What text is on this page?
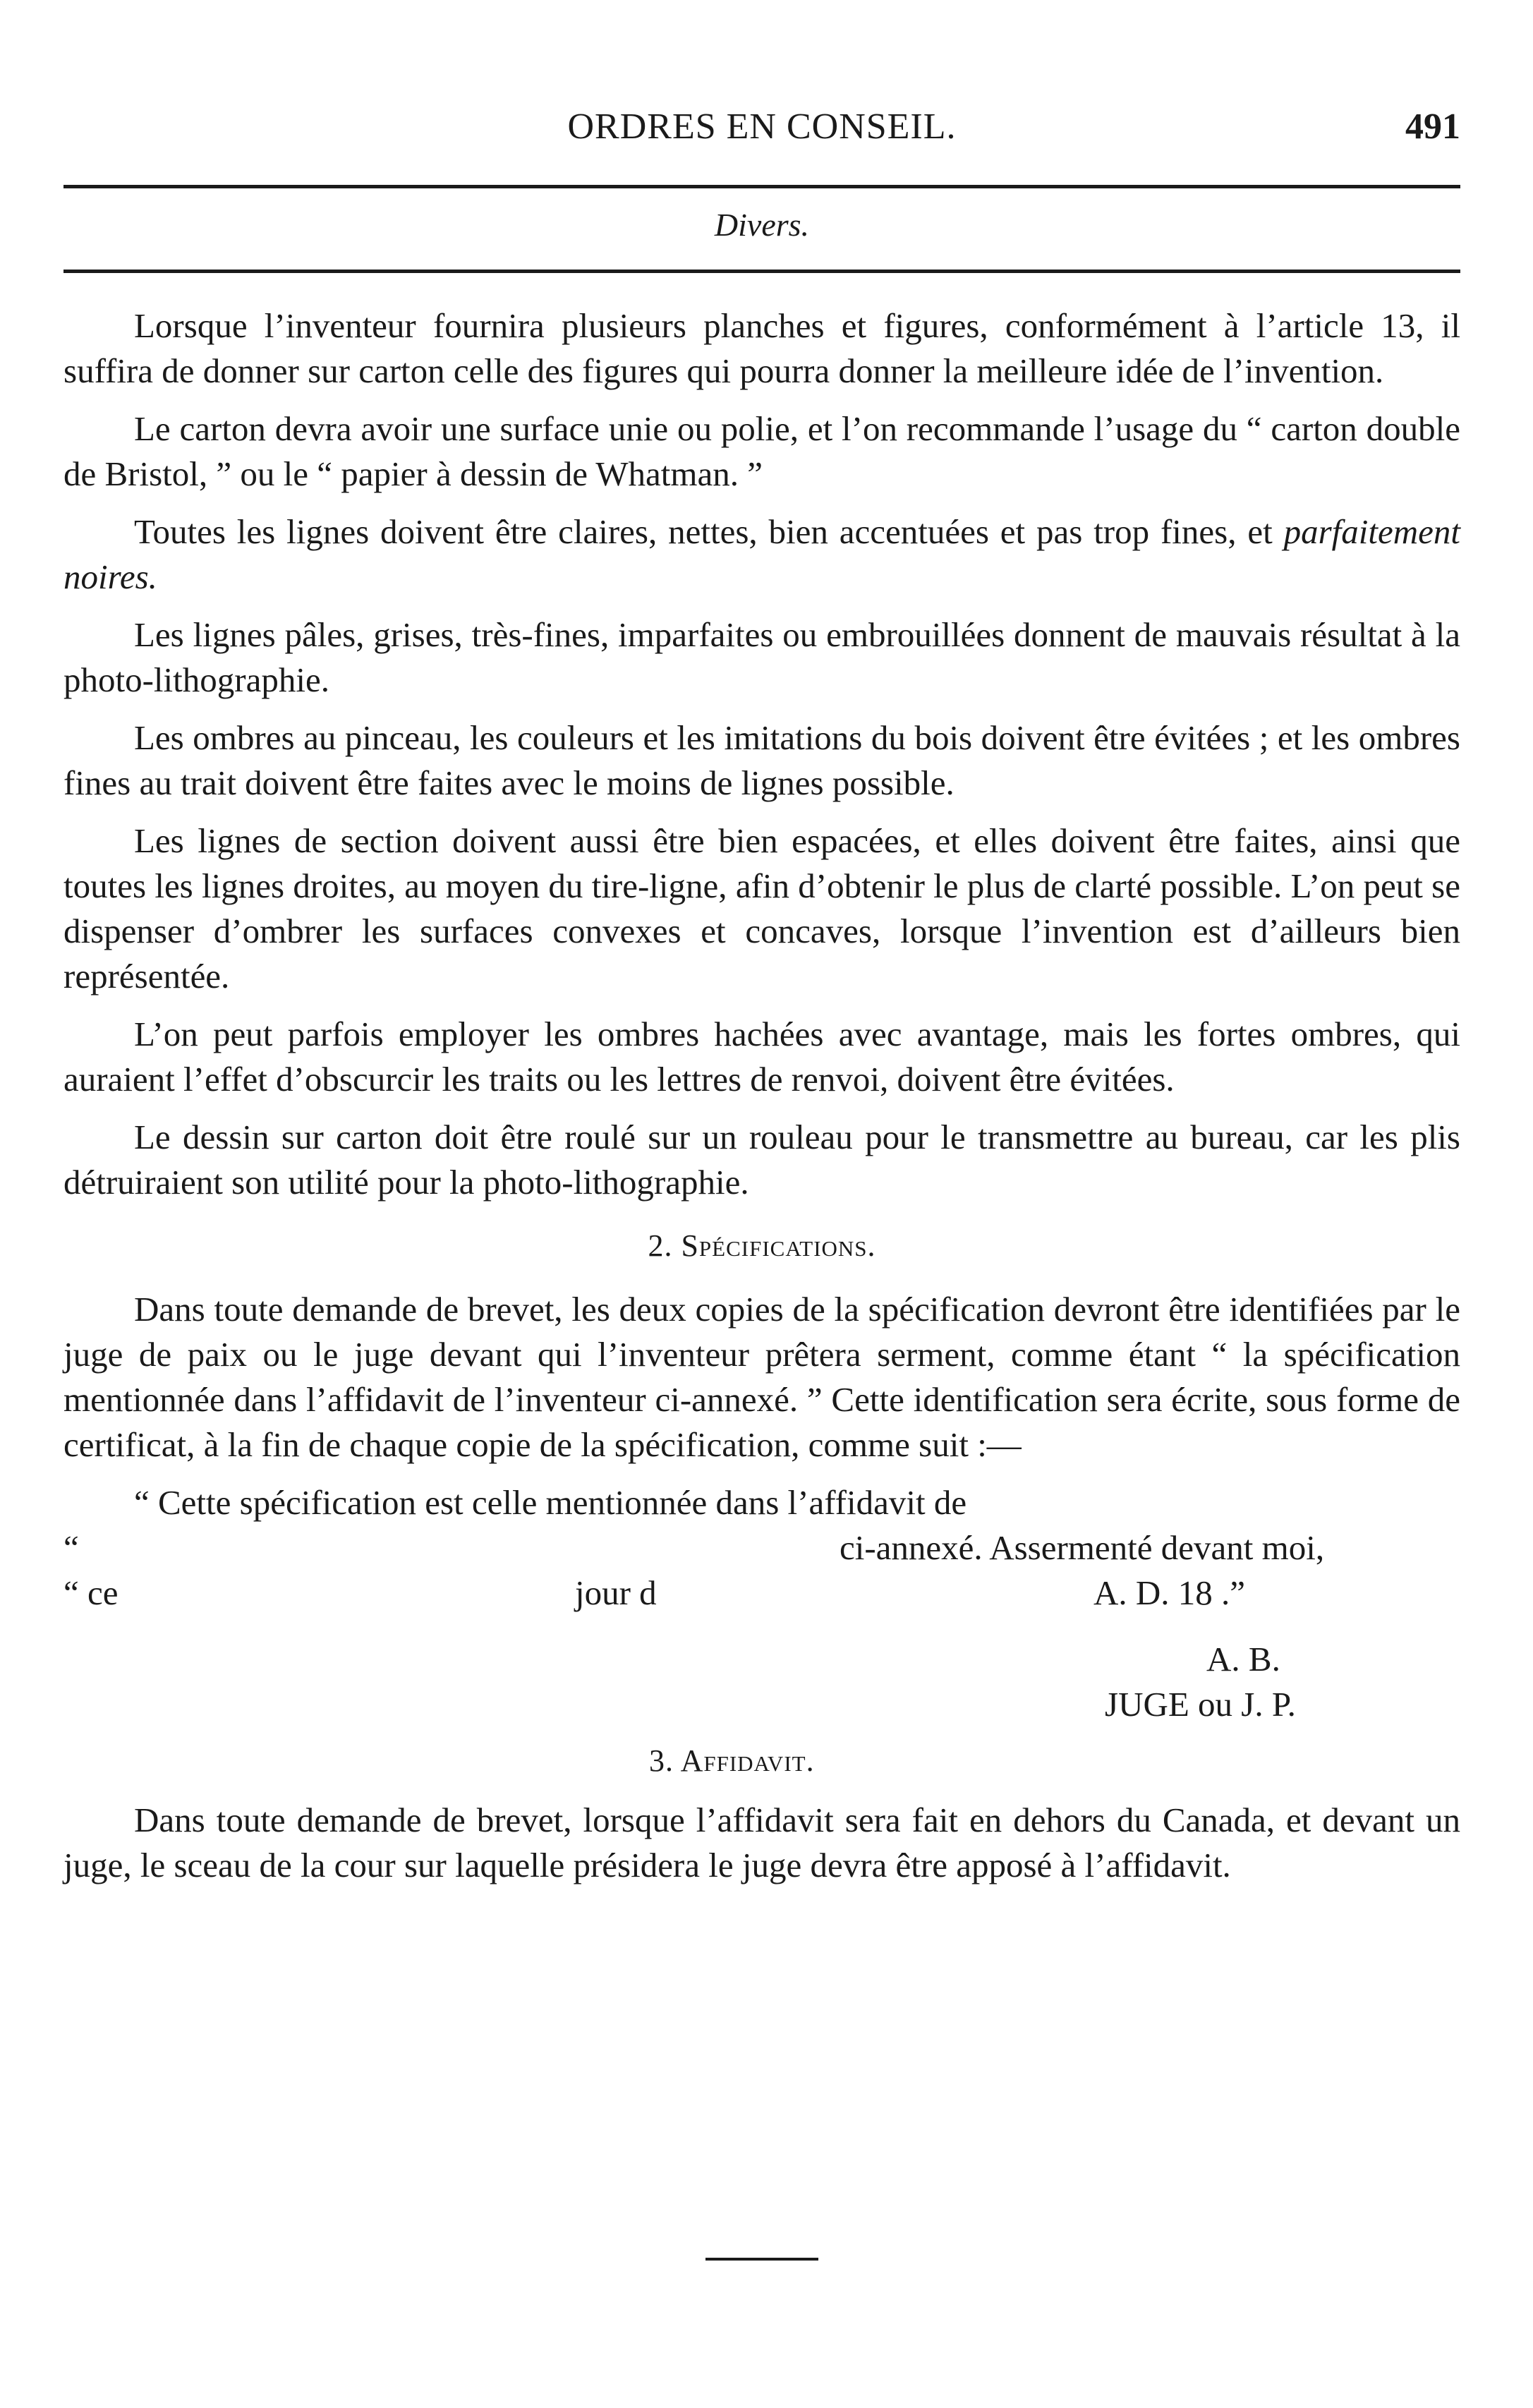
ORDRES EN CONSEIL.	491
Divers.

Lorsque l’inventeur fournira plusieurs planches et figures, conformément à l’article 13, il suffira de donner sur carton celle des figures qui pourra donner la meilleure idée de l’invention.

Le carton devra avoir une surface unie ou polie, et l’on recommande l’usage du “ carton double de Bristol, ” ou le “ papier à dessin de Whatman. ”

Toutes les lignes doivent être claires, nettes, bien accentuées et pas trop fines, et parfaitement noires.

Les lignes pâles, grises, très-fines, imparfaites ou embrouillées donnent de mauvais résultat à la photo-lithographie.

Les ombres au pinceau, les couleurs et les imitations du bois doivent être évitées ; et les ombres fines au trait doivent être faites avec le moins de lignes possible.

Les lignes de section doivent aussi être bien espacées, et elles doivent être faites, ainsi que toutes les lignes droites, au moyen du tire-ligne, afin d’obtenir le plus de clarté possible. L’on peut se dispenser d’ombrer les surfaces convexes et concaves, lorsque l’invention est d’ailleurs bien représentée.

L’on peut parfois employer les ombres hachées avec avantage, mais les fortes ombres, qui auraient l’effet d’obscurcir les traits ou les lettres de renvoi, doivent être évitées.

Le dessin sur carton doit être roulé sur un rouleau pour le transmettre au bureau, car les plis détruiraient son utilité pour la photo-lithographie.

2. Spécifications.

Dans toute demande de brevet, les deux copies de la spécification devront être identifiées par le juge de paix ou le juge devant qui l’inventeur prêtera serment, comme étant “ la spécification mentionnée dans l’affidavit de l’inventeur ci-annexé. ” Cette identification sera écrite, sous forme de certificat, à la fin de chaque copie de la spécification, comme suit :—

“ Cette spécification est celle mentionnée dans l’affidavit de
“	ci-annexé. Assermenté devant moi,
“ ce	jour d	A. D. 18 .”
A. B.
JUGE ou J. P.
3. Affidavit.

Dans toute demande de brevet, lorsque l’affidavit sera fait en dehors du Canada, et devant un juge, le sceau de la cour sur laquelle présidera le juge devra être apposé à l’affidavit.
